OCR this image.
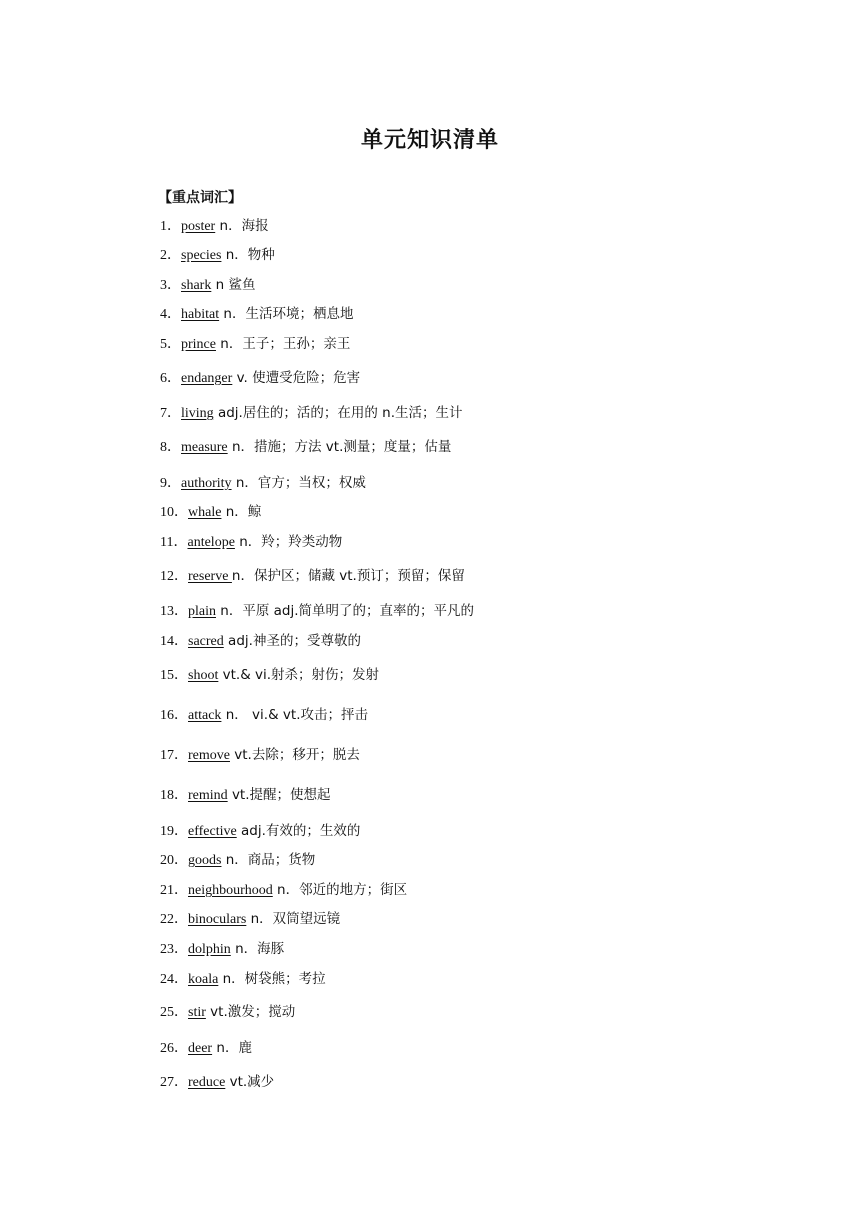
单元知识清单
【重点词汇】
1．poster n．海报
2．species n．物种
3．shark n 鲨鱼
4．habitat n．生活环境；栖息地
5．prince n．王子；王孙；亲王
6．endanger v. 使遭受危险；危害
7．living adj.居住的；活的；在用的 n.生活；生计
8．measure n．措施；方法 vt.测量；度量；估量
9．authority n．官方；当权；权威
10．whale n．鲸
11．antelope n．羚；羚类动物
12．reserve n．保护区；储藏 vt.预订；预留；保留
13．plain n．平原 adj.简单明了的；直率的；平凡的
14．sacred adj.神圣的；受尊敬的
15．shoot vt.& vi.射杀；射伤；发射
16．attack n． vi.& vt.攻击；抨击
17．remove vt.去除；移开；脱去
18．remind vt.提醒；使想起
19．effective adj.有效的；生效的
20．goods n．商品；货物
21．neighbourhood n．邻近的地方；街区
22．binoculars n．双筒望远镜
23．dolphin n．海豚
24．koala n．树袋熊；考拉
25．stir vt.激发；搅动
26．deer n．鹿
27．reduce vt.减少
